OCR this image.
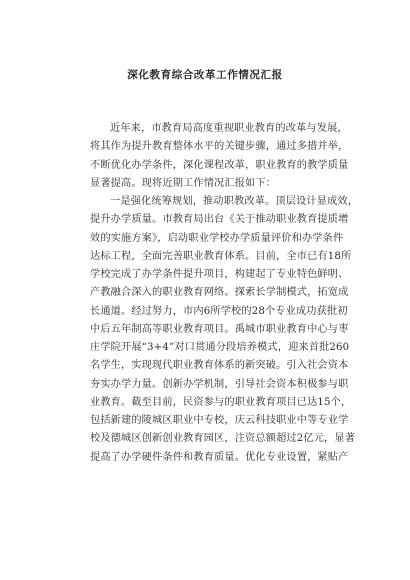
深化教育综合改革工作情况汇报
近年来，市教育局高度重视职业教育的改革与发展，
将其作为提升教育整体水平的关键步骤，通过多措并举，
不断优化办学条件，深化课程改革，职业教育的教学质量
显著提高。现将近期工作情况汇报如下：
一是强化统筹规划，推动职教改革。顶层设计显成效，
提升办学质量。市教育局出台《关于推动职业教育提质增
效的实施方案》，启动职业学校办学质量评价和办学条件
达标工程，全面完善职业教育体系。目前，全市已有18所
学校完成了办学条件提升项目，构建起了专业特色鲜明、
产教融合深入的职业教育网络。探索长学制模式，拓宽成
长通道。经过努力，市内6所学校的28个专业成功获批初
中后五年制高等职业教育项目。禹城市职业教育中心与枣
庄学院开展“3+4”对口贯通分段培养模式，迎来首批260
名学生，实现现代职业教育体系的新突破。引入社会资本
夯实办学力量。创新办学机制，引导社会资本积极参与职
业教育。截至目前，民资参与的职业教育项目已达15个，
包括新建的陵城区职业中专校，庆云科技职业中等专业学
校及德城区创新创业教育园区，注资总额超过2亿元，显著
提高了办学硬件条件和教育质量。优化专业设置，紧贴产
